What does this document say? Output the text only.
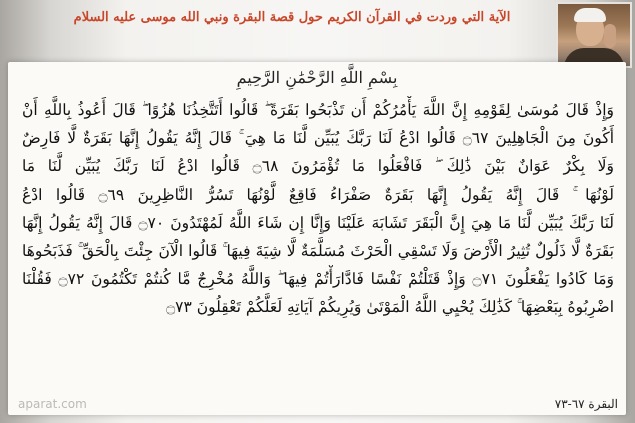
الآية التي وردت في القرآن الكريم حول قصة البقرة ونبي الله موسى عليه السلام
بِسْمِ اللَّهِ الرَّحْمَٰنِ الرَّحِيمِ
وَإِذْ قَالَ مُوسَىٰ لِقَوْمِهِ إِنَّ اللَّهَ يَأْمُرُكُمْ أَن تَذْبَحُوا بَقَرَةً ۖ قَالُوا أَتَتَّخِذُنَا هُزُوًا ۖ قَالَ أَعُوذُ بِاللَّهِ أَنْ
أَكُونَ مِنَ الْجَاهِلِينَ ۝٦٧ قَالُوا ادْعُ لَنَا رَبَّكَ يُبَيِّن لَّنَا مَا هِيَ ۚ قَالَ إِنَّهُ يَقُولُ إِنَّهَا بَقَرَةٌ لَّا فَارِضٌ
وَلَا بِكْرٌ عَوَانٌ بَيْنَ ذَٰلِكَ ۖ فَافْعَلُوا مَا تُؤْمَرُونَ ۝٦٨ قَالُوا ادْعُ لَنَا رَبَّكَ يُبَيِّن لَّنَا مَا
لَوْنُهَا ۚ قَالَ إِنَّهُ يَقُولُ إِنَّهَا بَقَرَةٌ صَفْرَاءُ فَاقِعٌ لَّوْنُهَا تَسُرُّ النَّاظِرِينَ ۝٦٩ قَالُوا ادْعُ
لَنَا رَبَّكَ يُبَيِّن لَّنَا مَا هِيَ إِنَّ الْبَقَرَ تَشَابَهَ عَلَيْنَا وَإِنَّا إِن شَاءَ اللَّهُ لَمُهْتَدُونَ ۝٧٠ قَالَ إِنَّهُ يَقُولُ إِنَّهَا
بَقَرَةٌ لَّا ذَلُولٌ تُثِيرُ الْأَرْضَ وَلَا تَسْقِي الْحَرْثَ مُسَلَّمَةٌ لَّا شِيَةَ فِيهَا ۚ قَالُوا الْآنَ جِئْتَ بِالْحَقِّ ۚ فَذَبَحُوهَا
وَمَا كَادُوا يَفْعَلُونَ ۝٧١ وَإِذْ قَتَلْتُمْ نَفْسًا فَادَّارَأْتُمْ فِيهَا ۖ وَاللَّهُ مُخْرِجٌ مَّا كُنتُمْ تَكْتُمُونَ ۝٧٢ فَقُلْنَا
اضْرِبُوهُ بِبَعْضِهَا ۚ كَذَٰلِكَ يُحْيِي اللَّهُ الْمَوْتَىٰ وَيُرِيكُمْ آيَاتِهِ لَعَلَّكُمْ تَعْقِلُونَ ۝٧٣
البقرة ٦٧-٧٣
aparat.com
